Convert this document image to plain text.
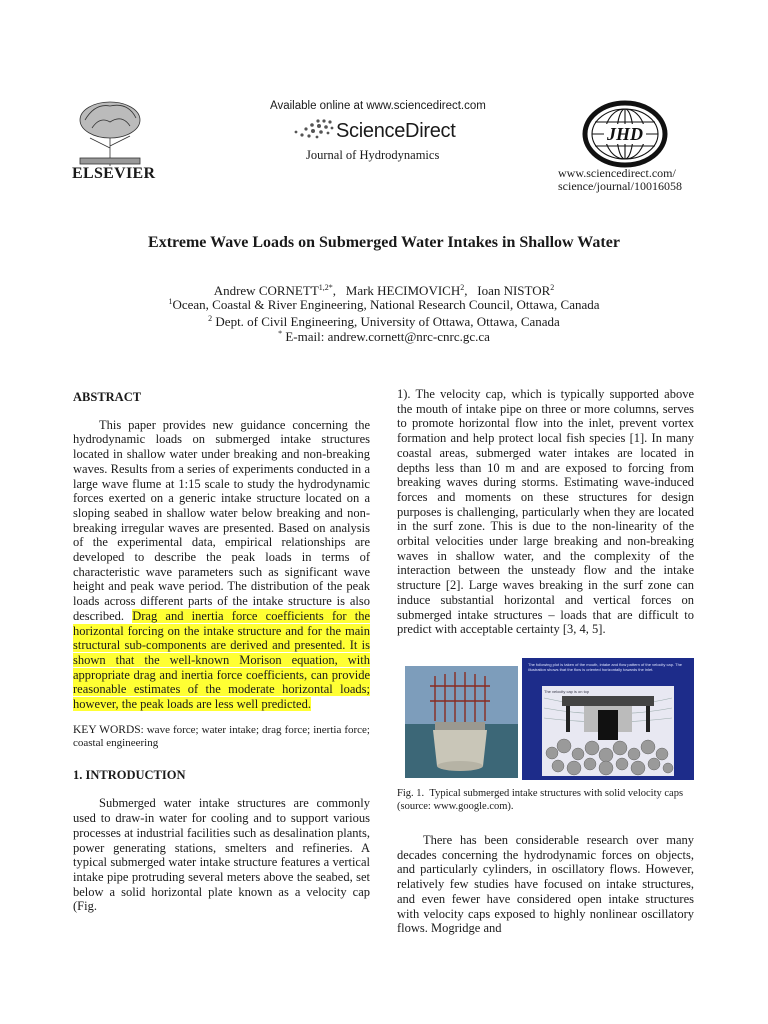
ELSEVIER
Available online at www.sciencedirect.com
ScienceDirect
Journal of Hydrodynamics
JHD
www.sciencedirect.com/
science/journal/10016058
Extreme Wave Loads on Submerged Water Intakes in Shallow Water
Andrew $CORNETT^{1,2*}$,   Mark HECIMOVICH$^2$,   Ioan NISTOR$^2$
$^1$Ocean, Coastal & River Engineering, National Research Council, Ottawa, Canada
$^2$ Dept. of Civil Engineering, University of Ottawa, Ottawa, Canada
* E-mail: andrew.cornett@nrc-cnrc.gc.ca
ABSTRACT

This paper provides new guidance concerning the hydrodynamic loads on submerged intake structures located in shallow water under breaking and non-breaking waves. Results from a series of experiments conducted in a large wave flume at 1:15 scale to study the hydrodynamic forces exerted on a generic intake structure located on a sloping seabed in shallow water below breaking and non-breaking irregular waves are presented. Based on analysis of the experimental data, empirical relationships are developed to describe the peak loads in terms of characteristic wave parameters such as significant wave height and peak wave period. The distribution of the peak loads across different parts of the intake structure is also described. Drag and inertia force coefficients for the horizontal forcing on the intake structure and for the main structural sub-components are derived and presented. It is shown that the well-known Morison equation, with appropriate drag and inertia force coefficients, can provide reasonable estimates of the moderate horizontal loads; however, the peak loads are less well predicted.

KEY WORDS: wave force; water intake; drag force; inertia force; coastal engineering
1. INTRODUCTION

Submerged water intake structures are commonly used to draw-in water for cooling and to support various processes at industrial facilities such as desalination plants, power generating stations, smelters and refineries. A typical submerged water intake structure features a vertical intake pipe protruding several meters above the seabed, set below a solid horizontal plate known as a velocity cap (Fig.

1). The velocity cap, which is typically supported above the mouth of intake pipe on three or more columns, serves to promote horizontal flow into the inlet, prevent vortex formation and help protect local fish species [1]. In many coastal areas, submerged water intakes are located in depths less than 10 m and are exposed to forcing from breaking waves during storms. Estimating wave-induced forces and moments on these structures for design purposes is challenging, particularly when they are located in the surf zone. This is due to the non-linearity of the orbital velocities under large breaking and non-breaking waves in shallow water, and the complexity of the interaction between the unsteady flow and the intake structure [2]. Large waves breaking in the surf zone can induce substantial horizontal and vertical forces on submerged intake structures – loads that are difficult to predict with acceptable certainty [3, 4, 5].

The following plot is taken of the mouth, intake and flow pattern of the velocity cap. The illustration shows that the flow is oriented horizontally towards the inlet.
The velocity cap is on top
Fig. 1. Typical submerged intake structures with solid velocity caps (source: www.google.com).

There has been considerable research over many decades concerning the hydrodynamic forces on objects, and particularly cylinders, in oscillatory flows. However, relatively few studies have focused on intake structures, and even fewer have considered open intake structures with velocity caps exposed to highly nonlinear oscillatory flows. Mogridge and
